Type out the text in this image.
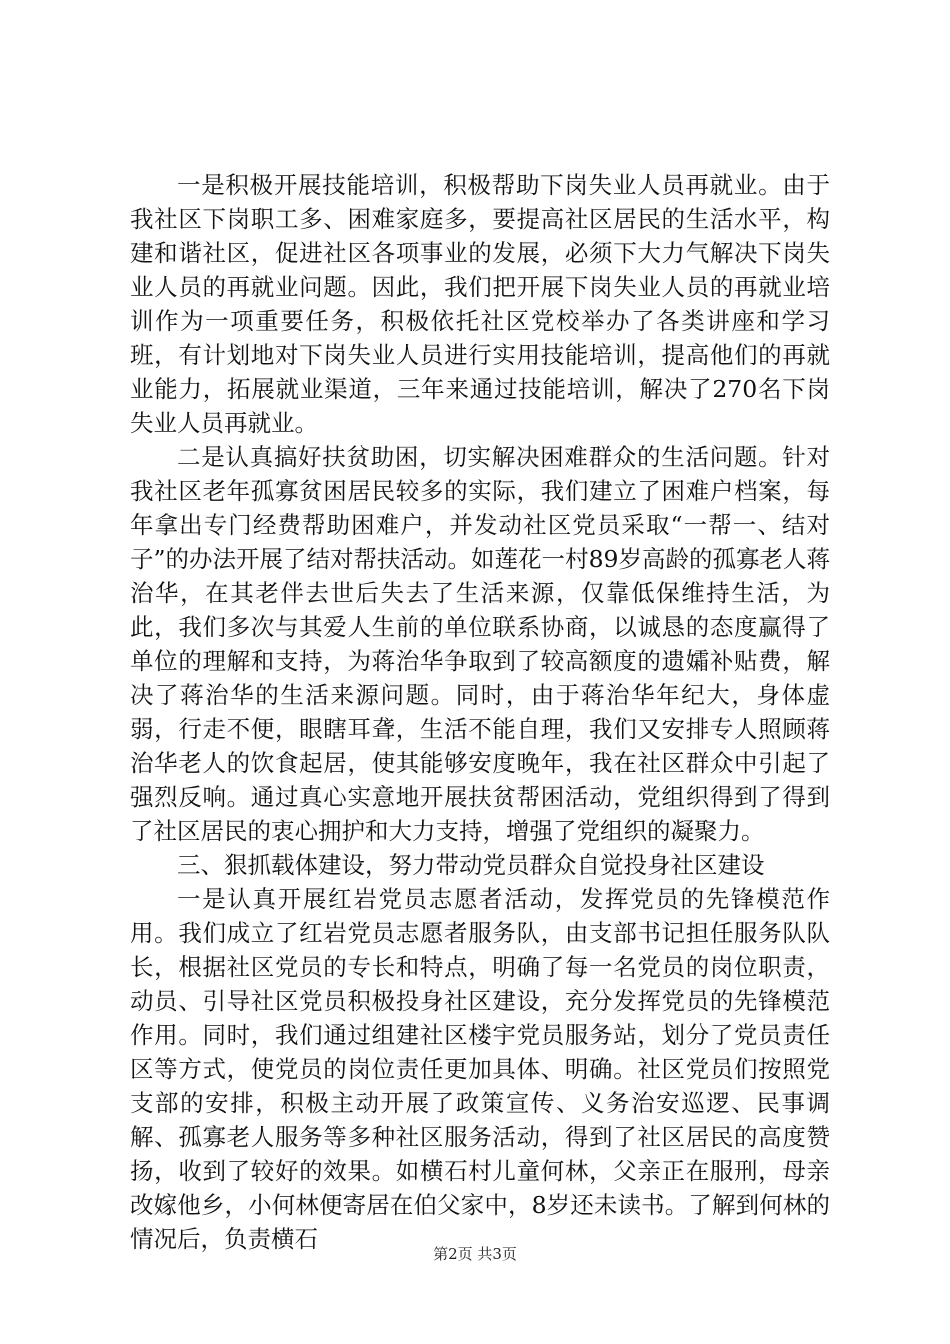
一是积极开展技能培训，积极帮助下岗失业人员再就业。由于我社区下岗职工多、困难家庭多，要提高社区居民的生活水平，构建和谐社区，促进社区各项事业的发展，必须下大力气解决下岗失业人员的再就业问题。因此，我们把开展下岗失业人员的再就业培训作为一项重要任务，积极依托社区党校举办了各类讲座和学习班，有计划地对下岗失业人员进行实用技能培训，提高他们的再就业能力，拓展就业渠道，三年来通过技能培训，解决了270名下岗失业人员再就业。

二是认真搞好扶贫助困，切实解决困难群众的生活问题。针对我社区老年孤寡贫困居民较多的实际，我们建立了困难户档案，每年拿出专门经费帮助困难户，并发动社区党员采取“一帮一、结对子”的办法开展了结对帮扶活动。如莲花一村89岁高龄的孤寡老人蒋治华，在其老伴去世后失去了生活来源，仅靠低保维持生活，为此，我们多次与其爱人生前的单位联系协商，以诚恳的态度赢得了单位的理解和支持，为蒋治华争取到了较高额度的遗孀补贴费，解决了蒋治华的生活来源问题。同时，由于蒋治华年纪大，身体虚弱，行走不便，眼瞎耳聋，生活不能自理，我们又安排专人照顾蒋治华老人的饮食起居，使其能够安度晚年，我在社区群众中引起了强烈反响。通过真心实意地开展扶贫帮困活动，党组织得到了得到了社区居民的衷心拥护和大力支持，增强了党组织的凝聚力。

三、狠抓载体建设，努力带动党员群众自觉投身社区建设

一是认真开展红岩党员志愿者活动，发挥党员的先锋模范作用。我们成立了红岩党员志愿者服务队，由支部书记担任服务队队长，根据社区党员的专长和特点，明确了每一名党员的岗位职责，动员、引导社区党员积极投身社区建设，充分发挥党员的先锋模范作用。同时，我们通过组建社区楼宇党员服务站，划分了党员责任区等方式，使党员的岗位责任更加具体、明确。社区党员们按照党支部的安排，积极主动开展了政策宣传、义务治安巡逻、民事调解、孤寡老人服务等多种社区服务活动，得到了社区居民的高度赞扬，收到了较好的效果。如横石村儿童何林，父亲正在服刑，母亲改嫁他乡，小何林便寄居在伯父家中，8岁还未读书。了解到何林的情况后，负责横石

第2页 共3页
